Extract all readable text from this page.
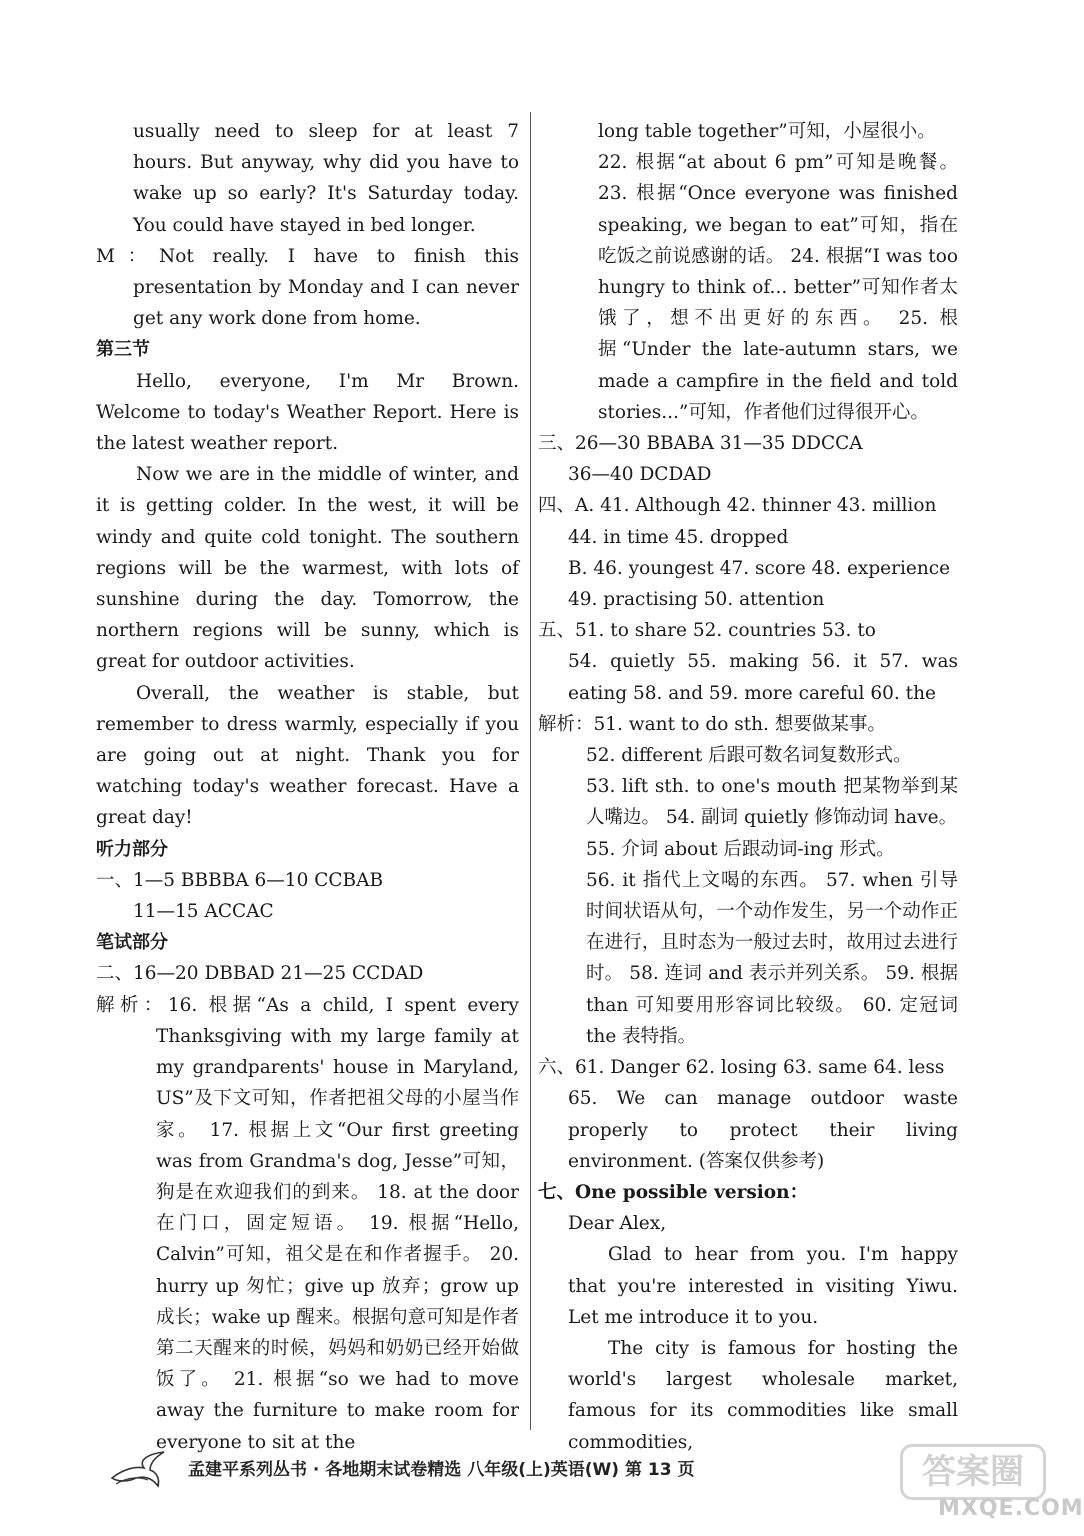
usually need to sleep for at least 7 hours. But anyway, why did you have to wake up so early? It's Saturday today. You could have stayed in bed longer.

M：Not really. I have to finish this presentation by Monday and I can never get any work done from home.

第三节

Hello, everyone, I'm Mr Brown. Welcome to today's Weather Report. Here is the latest weather report.

Now we are in the middle of winter, and it is getting colder. In the west, it will be windy and quite cold tonight. The southern regions will be the warmest, with lots of sunshine during the day. Tomorrow, the northern regions will be sunny, which is great for outdoor activities.

Overall, the weather is stable, but remember to dress warmly, especially if you are going out at night. Thank you for watching today's weather forecast. Have a great day!

听力部分

一、1—5 BBBBA 6—10 CCBAB

11—15 ACCAC

笔试部分

二、16—20 DBBAD 21—25 CCDAD

解析：16. 根据“As a child, I spent every Thanksgiving with my large family at my grandparents' house in Maryland, US”及下文可知，作者把祖父母的小屋当作家。 17. 根据上文“Our first greeting was from Grandma's dog, Jesse”可知，狗是在欢迎我们的到来。 18. at the door 在门口，固定短语。 19. 根据“Hello, Calvin”可知，祖父是在和作者握手。 20. hurry up 匆忙；give up 放弃；grow up 成长；wake up 醒来。根据句意可知是作者第二天醒来的时候，妈妈和奶奶已经开始做饭了。 21. 根据“so we had to move away the furniture to make room for everyone to sit at the

long table together”可知，小屋很小。

22. 根据“at about 6 pm”可知是晚餐。 23. 根据“Once everyone was finished speaking, we began to eat”可知，指在吃饭之前说感谢的话。 24. 根据“I was too hungry to think of... better”可知作者太饿了，想不出更好的东西。 25. 根据“Under the late-autumn stars, we made a campfire in the field and told stories...”可知，作者他们过得很开心。

三、26—30 BBABA 31—35 DDCCA

36—40 DCDAD

四、A. 41. Although 42. thinner 43. million

44. in time 45. dropped

B. 46. youngest 47. score 48. experience

49. practising 50. attention

五、51. to share 52. countries 53. to

54. quietly 55. making 56. it 57. was eating 58. and 59. more careful 60. the

解析：51. want to do sth. 想要做某事。

52. different 后跟可数名词复数形式。

53. lift sth. to one's mouth 把某物举到某人嘴边。 54. 副词 quietly 修饰动词 have。

55. 介词 about 后跟动词-ing 形式。

56. it 指代上文喝的东西。 57. when 引导时间状语从句，一个动作发生，另一个动作正在进行，且时态为一般过去时，故用过去进行时。 58. 连词 and 表示并列关系。 59. 根据 than 可知要用形容词比较级。 60. 定冠词 the 表特指。

六、61. Danger 62. losing 63. same 64. less

65. We can manage outdoor waste properly to protect their living environment. (答案仅供参考)

七、One possible version：

Dear Alex,

Glad to hear from you. I'm happy that you're interested in visiting Yiwu. Let me introduce it to you.

The city is famous for hosting the world's largest wholesale market, famous for its commodities like small commodities,

孟建平系列丛书 · 各地期末试卷精选 八年级(上)英语(W) 第 13 页	答案圈
MXQE.COM
